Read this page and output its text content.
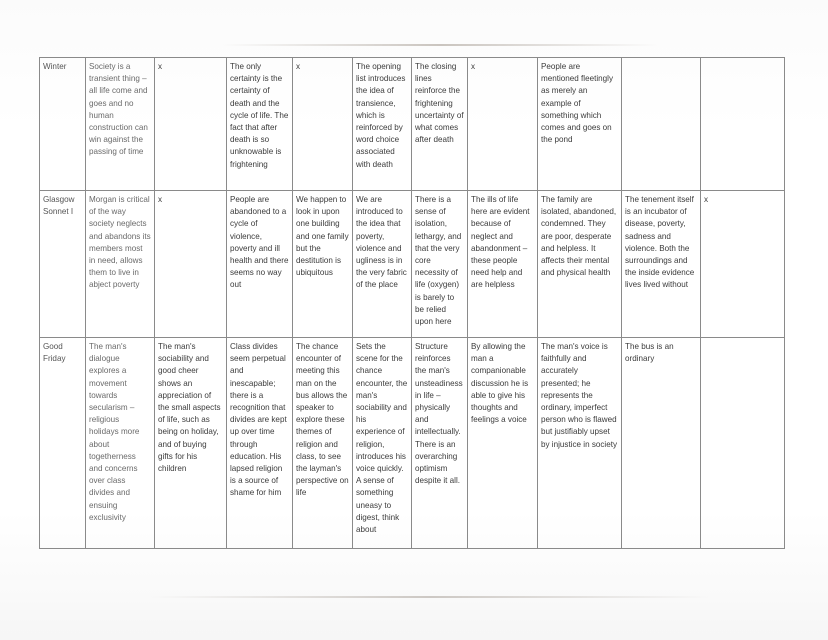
Winter	Society is a transient thing – all life come and goes and no human construction can win against the passing of time	x	The only certainty is the certainty of death and the cycle of life. The fact that after death is so unknowable is frightening	x	The opening list introduces the idea of transience, which is reinforced by word choice associated with death	The closing lines reinforce the frightening uncertainty of what comes after death	x	People are mentioned fleetingly as merely an example of something which comes and goes on the pond		
Glasgow Sonnet I	Morgan is critical of the way society neglects and abandons its members most in need, allows them to live in abject poverty	x	People are abandoned to a cycle of violence, poverty and ill health and there seems no way out	We happen to look in upon one building and one family but the destitution is ubiquitous	We are introduced to the idea that poverty, violence and ugliness is in the very fabric of the place	There is a sense of isolation, lethargy, and that the very core necessity of life (oxygen) is barely to be relied upon here	The ills of life here are evident because of neglect and abandonment – these people need help and are helpless	The family are isolated, abandoned, condemned. They are poor, desperate and helpless. It affects their mental and physical health	The tenement itself is an incubator of disease, poverty, sadness and violence. Both the surroundings and the inside evidence lives lived without	x
Good Friday	The man's dialogue explores a movement towards secularism – religious holidays more about togetherness and concerns over class divides and ensuing exclusivity	The man's sociability and good cheer shows an appreciation of the small aspects of life, such as being on holiday, and of buying gifts for his children	Class divides seem perpetual and inescapable; there is a recognition that divides are kept up over time through education. His lapsed religion is a source of shame for him	The chance encounter of meeting this man on the bus allows the speaker to explore these themes of religion and class, to see the layman's perspective on life	Sets the scene for the chance encounter, the man's sociability and his experience of religion, introduces his voice quickly. A sense of something uneasy to digest, think about	Structure reinforces the man's unsteadiness in life – physically and intellectually. There is an overarching optimism despite it all.	By allowing the man a companionable discussion he is able to give his thoughts and feelings a voice	The man's voice is faithfully and accurately presented; he represents the ordinary, imperfect person who is flawed but justifiably upset by injustice in society	The bus is an ordinary	
